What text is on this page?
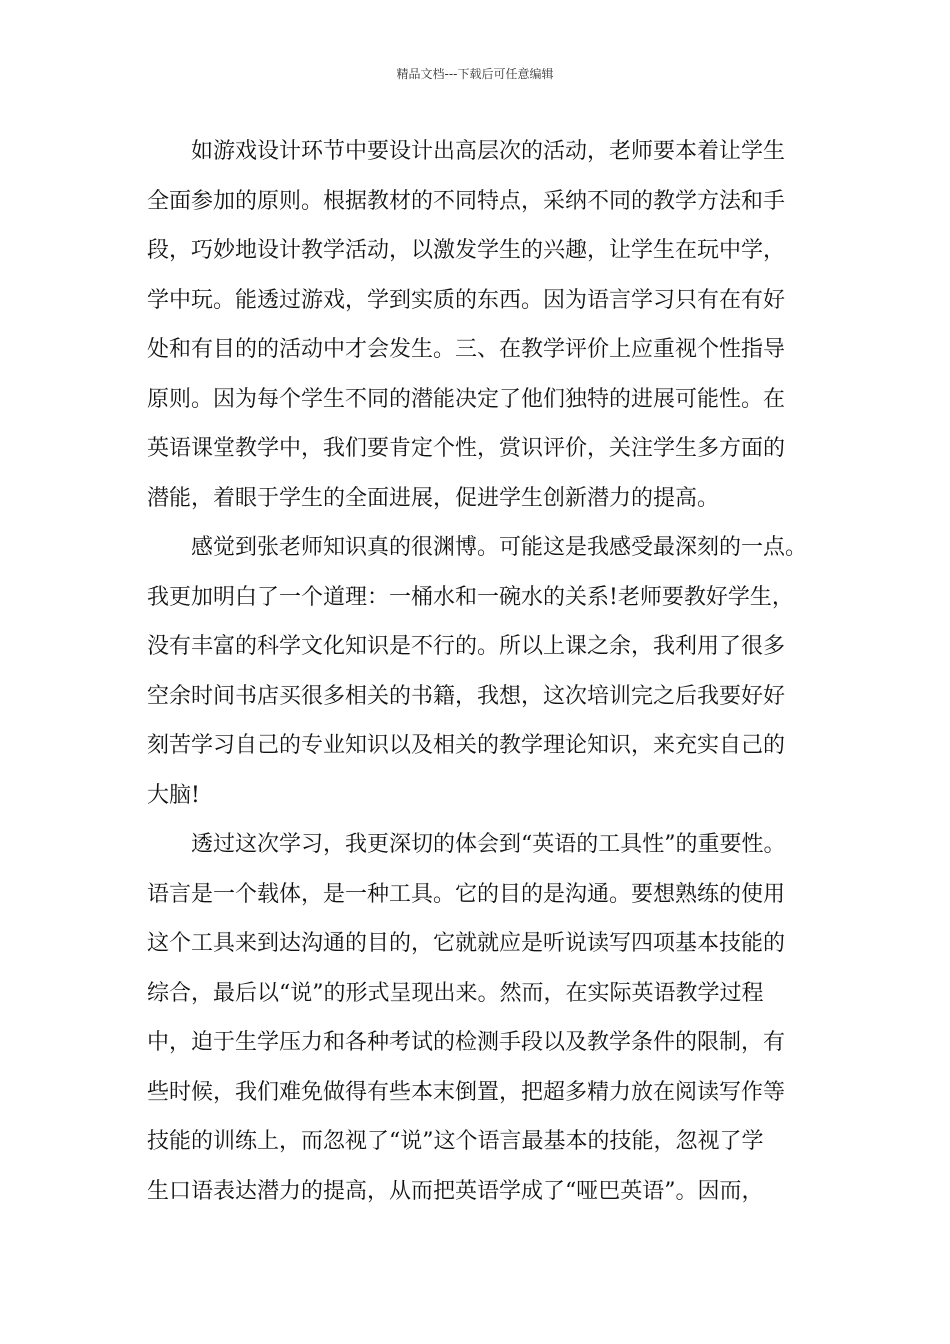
精品文档---下载后可任意编辑
如游戏设计环节中要设计出高层次的活动，老师要本着让学生
全面参加的原则。根据教材的不同特点，采纳不同的教学方法和手
段，巧妙地设计教学活动，以激发学生的兴趣，让学生在玩中学，
学中玩。能透过游戏，学到实质的东西。因为语言学习只有在有好
处和有目的的活动中才会发生。三、在教学评价上应重视个性指导
原则。因为每个学生不同的潜能决定了他们独特的进展可能性。在
英语课堂教学中，我们要肯定个性，赏识评价，关注学生多方面的
潜能，着眼于学生的全面进展，促进学生创新潜力的提高。
感觉到张老师知识真的很渊博。可能这是我感受最深刻的一点。
我更加明白了一个道理：一桶水和一碗水的关系!老师要教好学生，
没有丰富的科学文化知识是不行的。所以上课之余，我利用了很多
空余时间书店买很多相关的书籍，我想，这次培训完之后我要好好
刻苦学习自己的专业知识以及相关的教学理论知识，来充实自己的
大脑!
透过这次学习，我更深切的体会到“英语的工具性”的重要性。
语言是一个载体，是一种工具。它的目的是沟通。要想熟练的使用
这个工具来到达沟通的目的，它就就应是听说读写四项基本技能的
综合，最后以“说”的形式呈现出来。然而，在实际英语教学过程
中，迫于生学压力和各种考试的检测手段以及教学条件的限制，有
些时候，我们难免做得有些本末倒置，把超多精力放在阅读写作等
技能的训练上，而忽视了“说”这个语言最基本的技能，忽视了学
生口语表达潜力的提高，从而把英语学成了“哑巴英语”。因而，
